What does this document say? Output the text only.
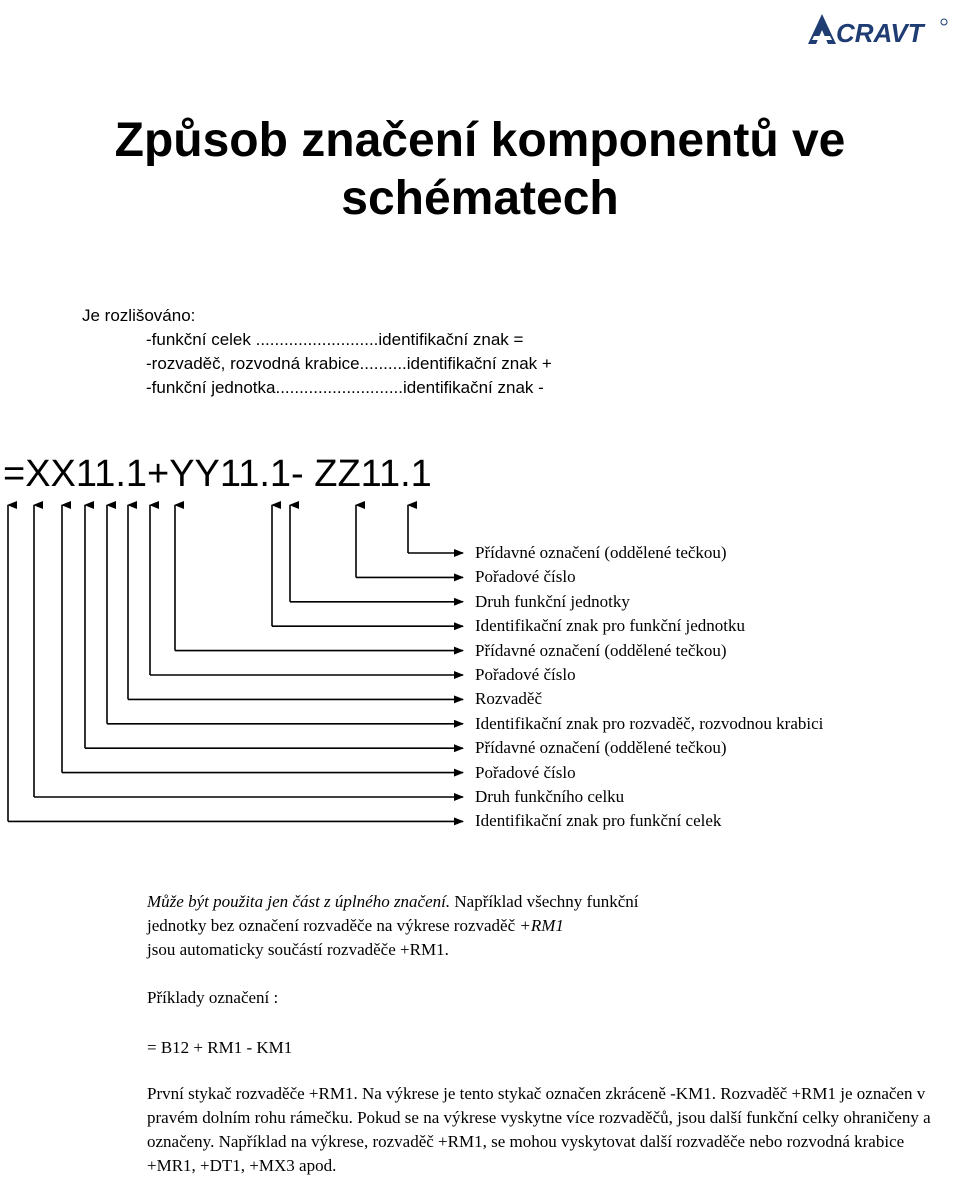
CRAVT
Způsob značení komponentů ve
schématech
Je rozlišováno:
-funkční celek ..........................identifikační znak =
-rozvaděč, rozvodná krabice..........identifikační znak +
-funkční jednotka...........................identifikační znak -
=XX11.1+YY11.1- ZZ11.1
Přídavné označení (oddělené tečkou)
Pořadové číslo
Druh funkční jednotky
Identifikační znak pro funkční jednotku
Přídavné označení (oddělené tečkou)
Pořadové číslo
Rozvaděč
Identifikační znak pro rozvaděč, rozvodnou krabici
Přídavné označení (oddělené tečkou)
Pořadové číslo
Druh funkčního celku
Identifikační znak pro funkční celek
Může být použita jen část z úplného značení. Například všechny funkční
jednotky bez označení rozvaděče na výkrese rozvaděč +RM1
jsou automaticky součástí rozvaděče +RM1.
Příklady označení :
= B12 + RM1 - KM1
První stykač rozvaděče +RM1. Na výkrese je tento stykač označen zkráceně -KM1. Rozvaděč +RM1 je označen v pravém dolním rohu rámečku. Pokud se na výkrese vyskytne více rozvaděčů, jsou další funkční celky ohraničeny a označeny. Například na výkrese, rozvaděč +RM1, se mohou vyskytovat další rozvaděče nebo rozvodná krabice +MR1, +DT1, +MX3 apod.
